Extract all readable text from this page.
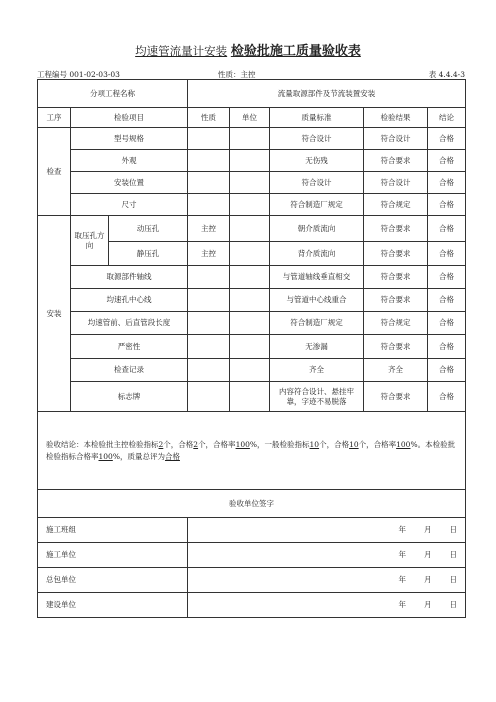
均速管流量计安装 检验批施工质量验收表
工程编号 001-02-03-03	性质：主控	表 4.4.4-3
分项工程名称			流量取源部件及节流装置安装				
工序	检验项目		性质	单位	质量标准	检验结果	结论
检查	型号规格				符合设计	符合设计	合格
	外观				无伤残	符合要求	合格
	安装位置				符合设计	符合设计	合格
	尺寸				符合制造厂规定	符合规定	合格
安装	取压孔方向	动压孔	主控		朝介质流向	符合要求	合格
		静压孔	主控		背介质流向	符合要求	合格
	取源部件轴线				与管道轴线垂直相交	符合要求	合格
	均速孔中心线				与管道中心线重合	符合要求	合格
	均速管前、后直管段长度				符合制造厂规定	符合规定	合格
	严密性				无渗漏	符合要求	合格
	检查记录				齐全	齐全	合格
	标志牌				内容符合设计、悬挂牢靠，字迹不易脱落	符合要求	合格
验收结论：本检验批主控检验指标2个，合格2个，合格率100%，一般检验指标10个，合格10个，合格率100%。本检验批检验指标合格率100%，质量总评为合格							
验收单位签字							
施工班组			年 月 日				
施工单位			年 月 日				
总包单位			年 月 日				
建设单位			年 月 日				
